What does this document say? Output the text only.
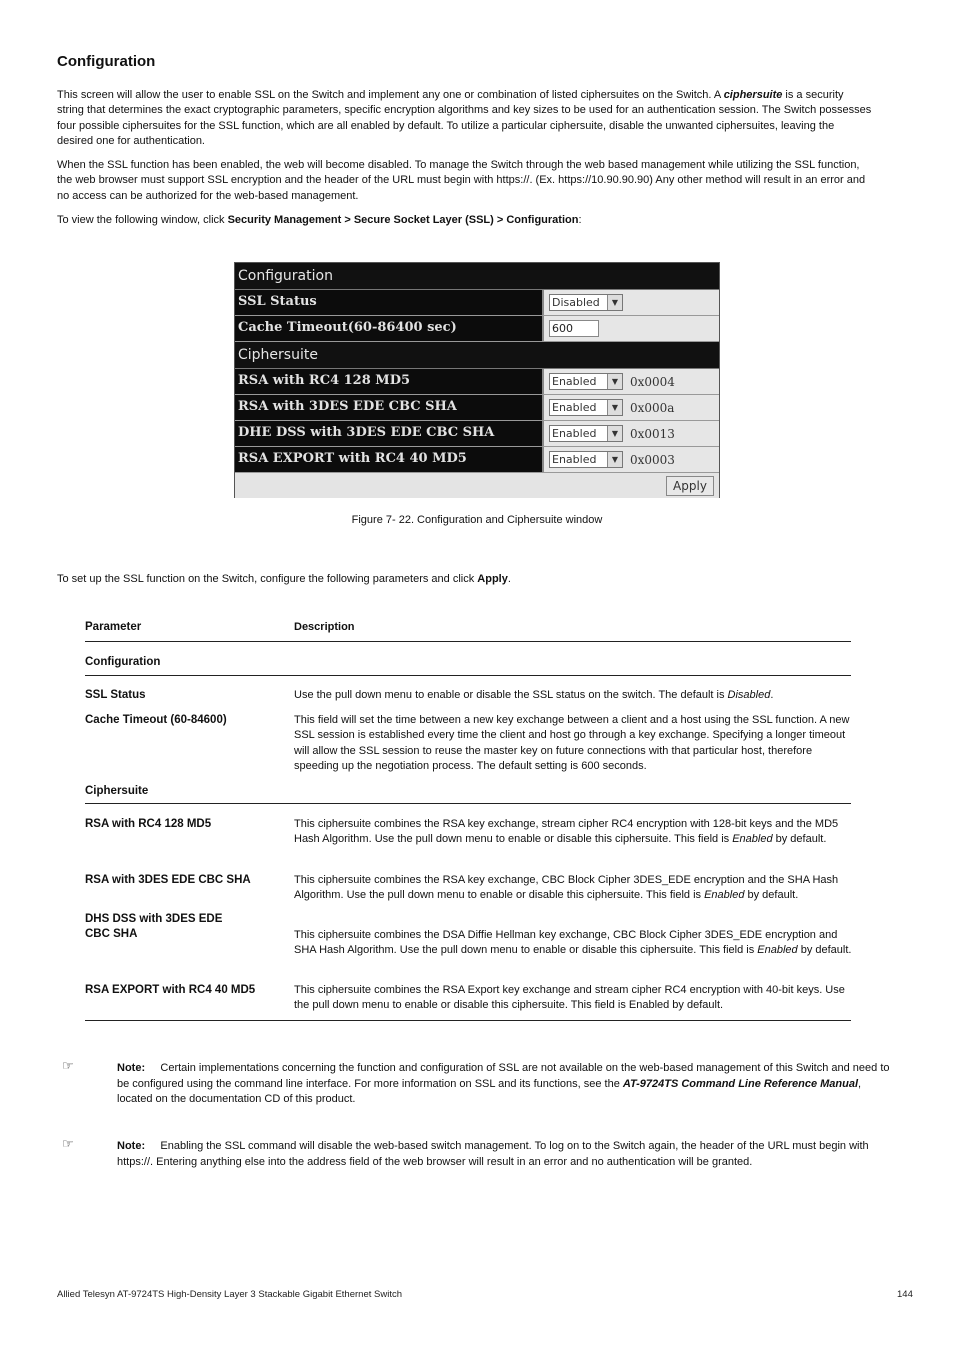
Configuration

This screen will allow the user to enable SSL on the Switch and implement any one or combination of listed ciphersuites on the Switch. A ciphersuite is a security string that determines the exact cryptographic parameters, specific encryption algorithms and key sizes to be used for an authentication session. The Switch possesses four possible ciphersuites for the SSL function, which are all enabled by default. To utilize a particular ciphersuite, disable the unwanted ciphersuites, leaving the desired one for authentication.

When the SSL function has been enabled, the web will become disabled. To manage the Switch through the web based management while utilizing the SSL function, the web browser must support SSL encryption and the header of the URL must begin with https://. (Ex. https://10.90.90.90) Any other method will result in an error and no access can be authorized for the web-based management.

To view the following window, click Security Management > Secure Socket Layer (SSL) > Configuration:

Configuration
SSL Status	Disabled	▼
Cache Timeout(60-86400 sec)	600
Ciphersuite
RSA with RC4 128 MD5	Enabled	▼ 0x0004
RSA with 3DES EDE CBC SHA	Enabled	▼ 0x000a
DHE DSS with 3DES EDE CBC SHA	Enabled	▼ 0x0013
RSA EXPORT with RC4 40 MD5	Enabled	▼ 0x0003
Apply
Figure 7- 22. Configuration and Ciphersuite window

To set up the SSL function on the Switch, configure the following parameters and click Apply.

Parameter	Description
Configuration
SSL Status	Use the pull down menu to enable or disable the SSL status on the switch. The default is Disabled.
Cache Timeout (60-84600)	This field will set the time between a new key exchange between a client and a host using the SSL function. A new SSL session is established every time the client and host go through a key exchange. Specifying a longer timeout will allow the SSL session to reuse the master key on future connections with that particular host, therefore speeding up the negotiation process. The default setting is 600 seconds.
Ciphersuite
RSA with RC4 128 MD5	This ciphersuite combines the RSA key exchange, stream cipher RC4 encryption with 128-bit keys and the MD5 Hash Algorithm. Use the pull down menu to enable or disable this ciphersuite. This field is Enabled by default.
RSA with 3DES EDE CBC SHA	This ciphersuite combines the RSA key exchange, CBC Block Cipher 3DES_EDE encryption and the SHA Hash Algorithm. Use the pull down menu to enable or disable this ciphersuite. This field is Enabled by default.
DHS DSS with 3DES EDE
CBC SHA	This ciphersuite combines the DSA Diffie Hellman key exchange, CBC Block Cipher 3DES_EDE encryption and SHA Hash Algorithm. Use the pull down menu to enable or disable this ciphersuite. This field is Enabled by default.
RSA EXPORT with RC4 40 MD5	This ciphersuite combines the RSA Export key exchange and stream cipher RC4 encryption with 40-bit keys. Use the pull down menu to enable or disable this ciphersuite. This field is Enabled by default.
☞	Note: Certain implementations concerning the function and configuration of SSL are not available on the web-based management of this Switch and need to be configured using the command line interface. For more information on SSL and its functions, see the AT-9724TS Command Line Reference Manual, located on the documentation CD of this product.
☞	Note: Enabling the SSL command will disable the web-based switch management. To log on to the Switch again, the header of the URL must begin with https://. Entering anything else into the address field of the web browser will result in an error and no authentication will be granted.
Allied Telesyn AT-9724TS High-Density Layer 3 Stackable Gigabit Ethernet Switch	144
